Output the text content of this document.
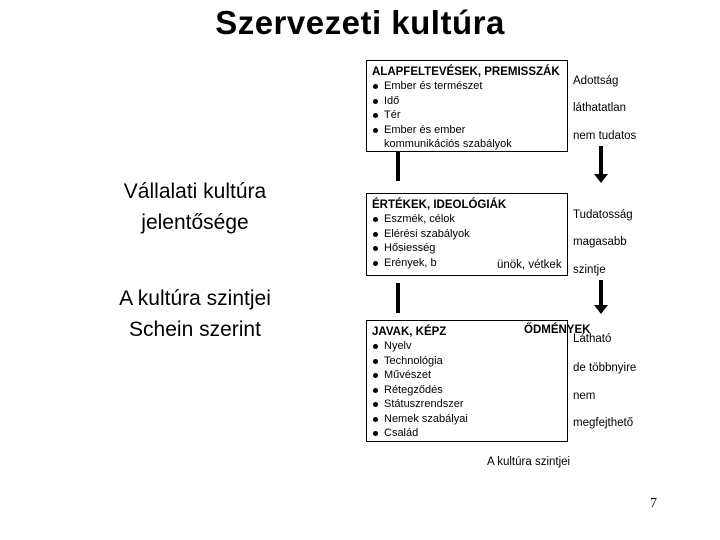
Szervezeti kultúra
Vállalati kultúra
jelentősége
A kultúra szintjei
Schein szerint
ALAPFELTEVÉSEK, PREMISSZÁK
Ember és természet
Idő
Tér
Ember és ember
kommunikációs szabályok
Adottság
láthatatlan
nem tudatos
ÉRTÉKEK, IDEOLÓGIÁK
Eszmék, célok
Elérési szabályok
Hősiesség
Erények, b	ünök, vétkek
Tudatosság
magasabb
szintje
JAVAK, KÉPZ
Nyelv
Technológia
Művészet
Rétegződés
Státuszrendszer
Nemek szabályai
Család
ŐDMÉNYEK
Látható
de többnyire
nem
megfejthető
A kultúra szintjei
7
